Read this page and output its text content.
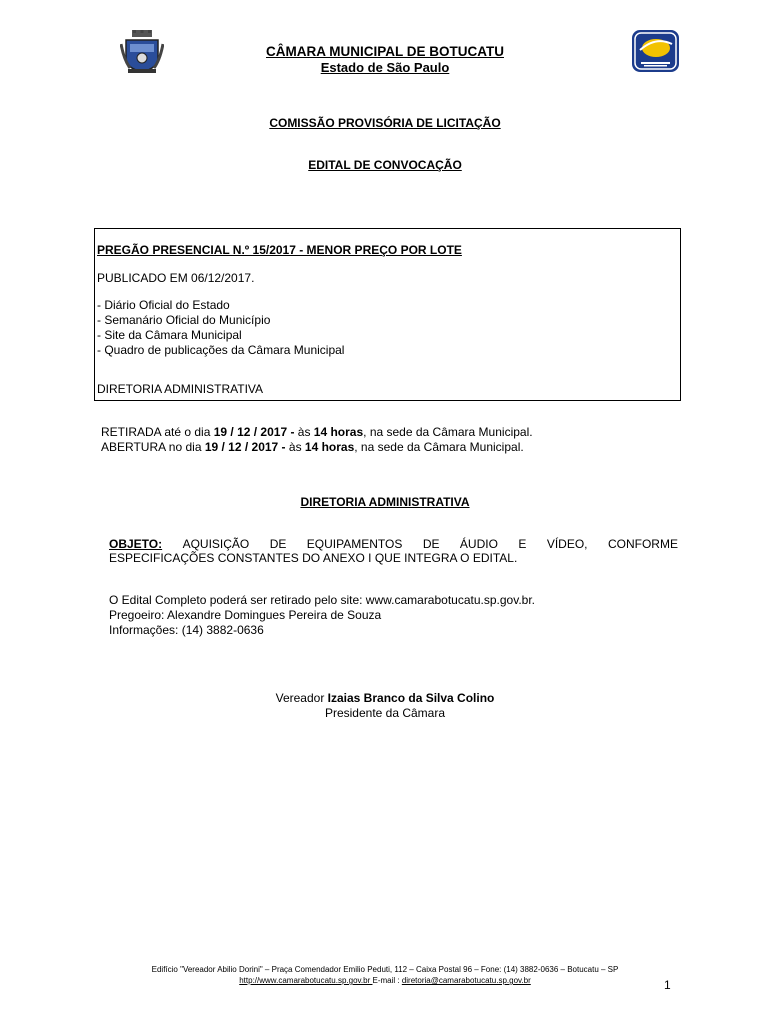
CÂMARA MUNICIPAL DE BOTUCATU
Estado de São Paulo
COMISSÃO PROVISÓRIA DE LICITAÇÃO
EDITAL DE CONVOCAÇÃO
PREGÃO PRESENCIAL N.º 15/2017 - MENOR PREÇO POR LOTE
PUBLICADO EM 06/12/2017.
- Diário Oficial do Estado
- Semanário Oficial do Município
- Site da Câmara Municipal
- Quadro de publicações da Câmara Municipal
DIRETORIA ADMINISTRATIVA
RETIRADA até o dia 19 / 12 / 2017 - às 14 horas, na sede da Câmara Municipal.
ABERTURA no dia 19 / 12 / 2017 - às 14 horas, na sede da Câmara Municipal.
DIRETORIA ADMINISTRATIVA
OBJETO: AQUISIÇÃO DE EQUIPAMENTOS DE ÁUDIO E VÍDEO, CONFORME
ESPECIFICAÇÕES CONSTANTES DO ANEXO I QUE INTEGRA O EDITAL.
O Edital Completo poderá ser retirado pelo site: www.camarabotucatu.sp.gov.br.
Pregoeiro: Alexandre Domingues Pereira de Souza
Informações: (14) 3882-0636
Vereador Izaias Branco da Silva Colino
Presidente da Câmara
Edifício "Vereador Abilio Dorini" – Praça Comendador Emilio Peduti, 112 – Caixa Postal 96 – Fone: (14) 3882-0636 – Botucatu – SP
http://www.camarabotucatu.sp.gov.br E-mail : diretoria@camarabotucatu.sp.gov.br	1
